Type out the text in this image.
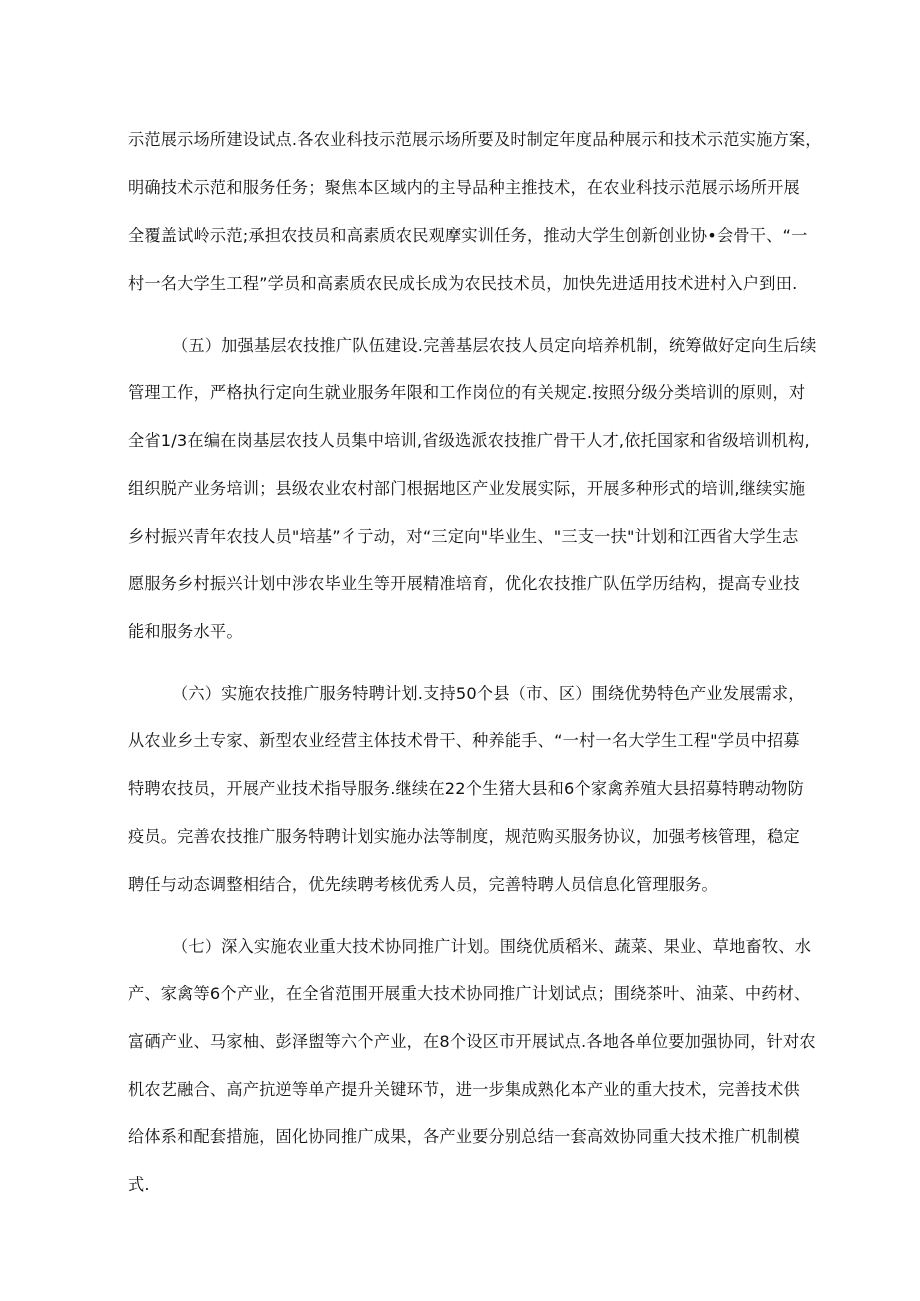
示范展示场所建设试点.各农业科技示范展示场所要及时制定年度品种展示和技术示范实施方案，
明确技术示范和服务任务；聚焦本区域内的主导品种主推技术，在农业科技示范展示场所开展
全覆盖试岭示范;承担农技员和高素质农民观摩实训任务，推动大学生创新创业协•会骨干、“一
村一名大学生工程”学员和高素质农民成长成为农民技术员，加快先进适用技术进村入户到田.
（五）加强基层农技推广队伍建设.完善基层农技人员定向培养机制，统筹做好定向生后续
管理工作，严格执行定向生就业服务年限和工作岗位的有关规定.按照分级分类培训的原则，对
全省1/3在编在岗基层农技人员集中培训,省级选派农技推广骨干人才,依托国家和省级培训机构,
组织脱产业务培训；县级农业农村部门根据地区产业发展实际，开展多种形式的培训,继续实施
乡村振兴青年农技人员"培基”彳亍动，对“三定向"毕业生、"三支一扶"计划和江西省大学生志
愿服务乡村振兴计划中涉农毕业生等开展精准培育，优化农技推广队伍学历结构，提高专业技
能和服务水平。
（六）实施农技推广服务特聘计划.支持50个县（市、区）围绕优势特色产业发展需求，
从农业乡土专家、新型农业经营主体技术骨干、种养能手、“一村一名大学生工程"学员中招募
特聘农技员，开展产业技术指导服务.继续在22个生猪大县和6个家禽养殖大县招募特聘动物防
疫员。完善农技推广服务特聘计划实施办法等制度，规范购买服务协议，加强考核管理，稳定
聘任与动态调整相结合，优先续聘考核优秀人员，完善特聘人员信息化管理服务。
（七）深入实施农业重大技术协同推广计划。围绕优质稻米、蔬菜、果业、草地畜牧、水
产、家禽等6个产业，在全省范围开展重大技术协同推广计划试点；围绕茶叶、油菜、中药材、
富硒产业、马家柚、彭泽盥等六个产业，在8个设区市开展试点.各地各单位要加强协同，针对农
机农艺融合、高产抗逆等单产提升关键环节，进一步集成熟化本产业的重大技术，完善技术供
给体系和配套措施，固化协同推广成果，各产业要分别总结一套高效协同重大技术推广机制模
式.
